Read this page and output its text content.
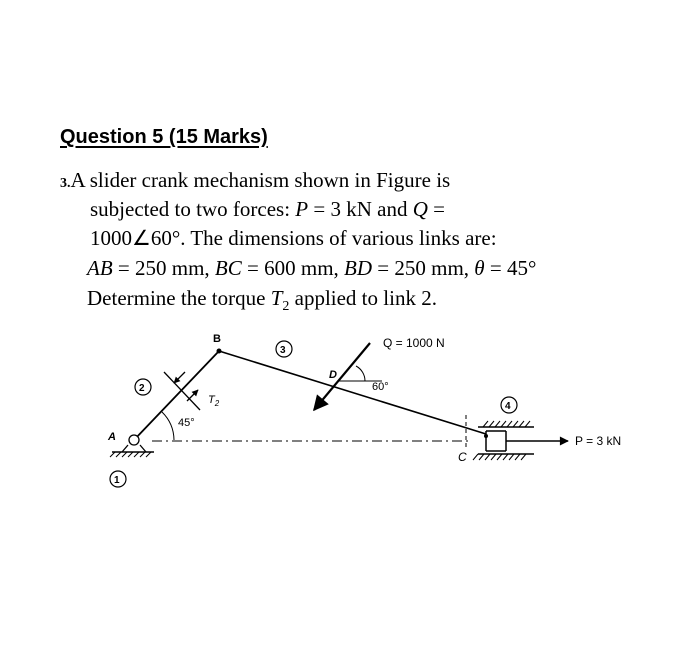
Question 5 (15 Marks)
3.A slider crank mechanism shown in Figure is
subjected to two forces: P = 3 kN and Q =
1000∠60°. The dimensions of various links are:
AB = 250 mm, BC = 600 mm, BD = 250 mm, θ = 45°
Determine the torque $T_2$ applied to link 2.
B
3
Q = 1000 N
D
60°
2
$T_2$
45°
A
4
C
P = 3 kN
1
